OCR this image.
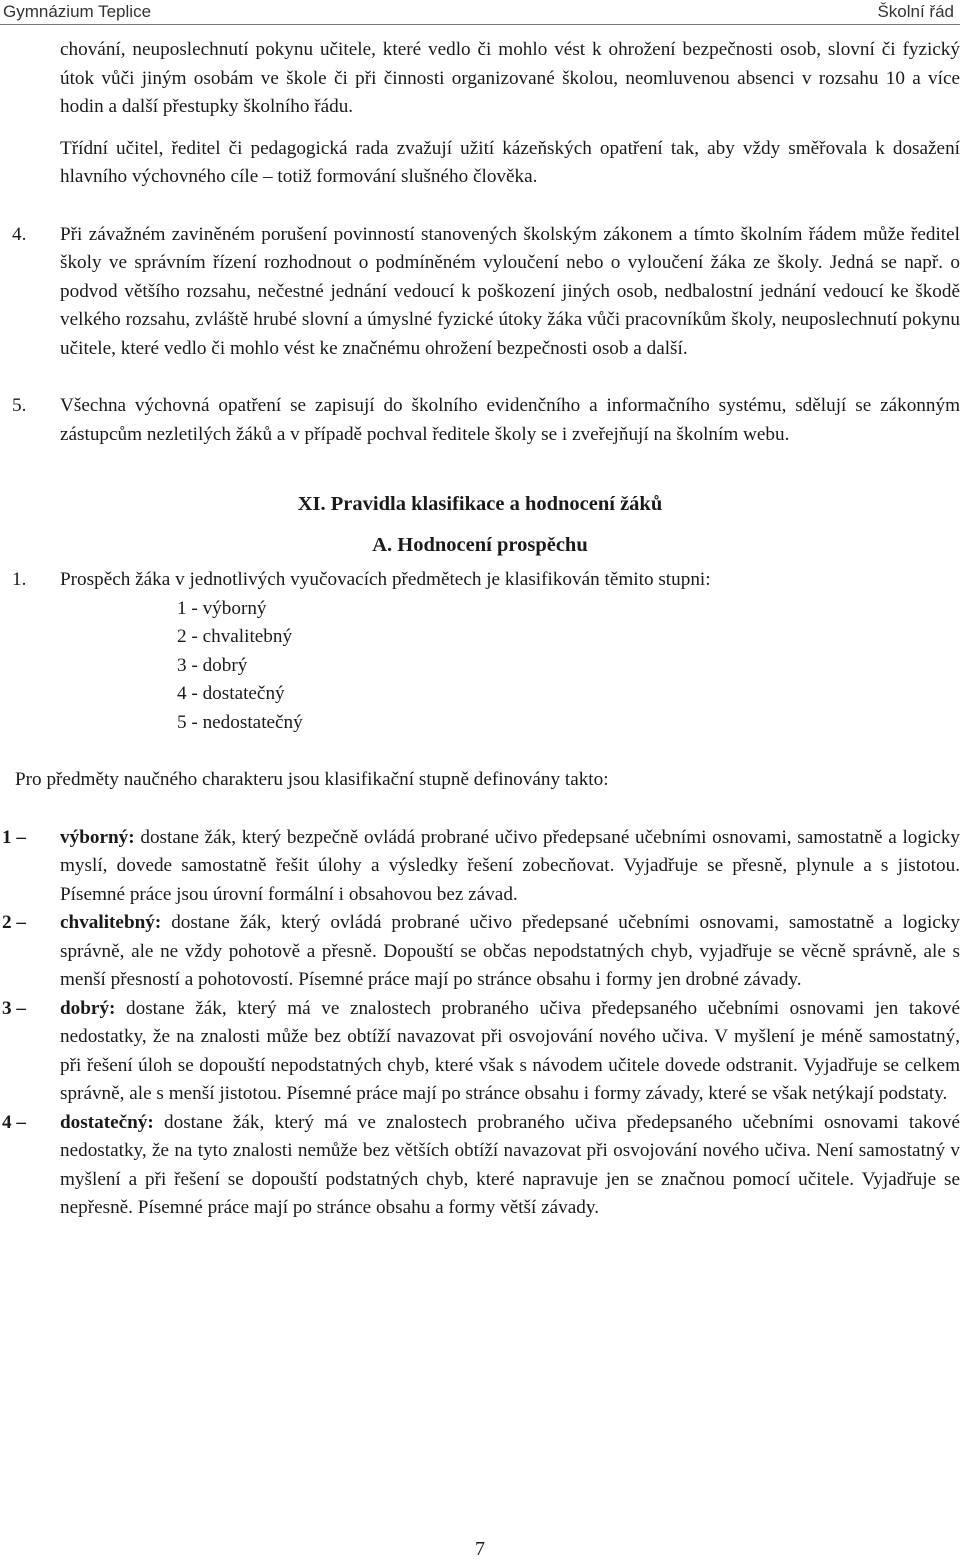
Gymnázium Teplice	Školní řád

chování, neuposlechnutí pokynu učitele, které vedlo či mohlo vést k ohrožení bezpečnosti osob, slovní či fyzický útok vůči jiným osobám ve škole či při činnosti organizované školou, neomluvenou absenci v rozsahu 10 a více hodin a další přestupky školního řádu.

Třídní učitel, ředitel či pedagogická rada zvažují užití kázeňských opatření tak, aby vždy směřovala k dosažení hlavního výchovného cíle – totiž formování slušného člověka.

4. Při závažném zaviněném porušení povinností stanovených školským zákonem a tímto školním řádem může ředitel školy ve správním řízení rozhodnout o podmíněném vyloučení nebo o vyloučení žáka ze školy. Jedná se např. o podvod většího rozsahu, nečestné jednání vedoucí k poškození jiných osob, nedbalostní jednání vedoucí ke škodě velkého rozsahu, zvláště hrubé slovní a úmyslné fyzické útoky žáka vůči pracovníkům školy, neuposlechnutí pokynu učitele, které vedlo či mohlo vést ke značnému ohrožení bezpečnosti osob a další.
5. Všechna výchovná opatření se zapisují do školního evidenčního a informačního systému, sdělují se zákonným zástupcům nezletilých žáků a v případě pochval ředitele školy se i zveřejňují na školním webu.

XI. Pravidla klasifikace a hodnocení žáků

A. Hodnocení prospěchu

1. Prospěch žáka v jednotlivých vyučovacích předmětech je klasifikován těmito stupni:
1 - výborný
2 - chvalitebný
3 - dobrý
4 - dostatečný
5 - nedostatečný

Pro předměty naučného charakteru jsou klasifikační stupně definovány takto:

1 – výborný: dostane žák, který bezpečně ovládá probrané učivo předepsané učebními osnovami, samostatně a logicky myslí, dovede samostatně řešit úlohy a výsledky řešení zobecňovat. Vyjadřuje se přesně, plynule a s jistotou. Písemné práce jsou úrovní formální i obsahovou bez závad.
2 – chvalitebný: dostane žák, který ovládá probrané učivo předepsané učebními osnovami, samostatně a logicky správně, ale ne vždy pohotově a přesně. Dopouští se občas nepodstatných chyb, vyjadřuje se věcně správně, ale s menší přesností a pohotovostí. Písemné práce mají po stránce obsahu i formy jen drobné závady.
3 – dobrý: dostane žák, který má ve znalostech probraného učiva předepsaného učebními osnovami jen takové nedostatky, že na znalosti může bez obtíží navazovat při osvojování nového učiva. V myšlení je méně samostatný, při řešení úloh se dopouští nepodstatných chyb, které však s návodem učitele dovede odstranit. Vyjadřuje se celkem správně, ale s menší jistotou. Písemné práce mají po stránce obsahu i formy závady, které se však netýkají podstaty.
4 – dostatečný: dostane žák, který má ve znalostech probraného učiva předepsaného učebními osnovami takové nedostatky, že na tyto znalosti nemůže bez větších obtíží navazovat při osvojování nového učiva. Není samostatný v myšlení a při řešení se dopouští podstatných chyb, které napravuje jen se značnou pomocí učitele. Vyjadřuje se nepřesně. Písemné práce mají po stránce obsahu a formy větší závady.
7
